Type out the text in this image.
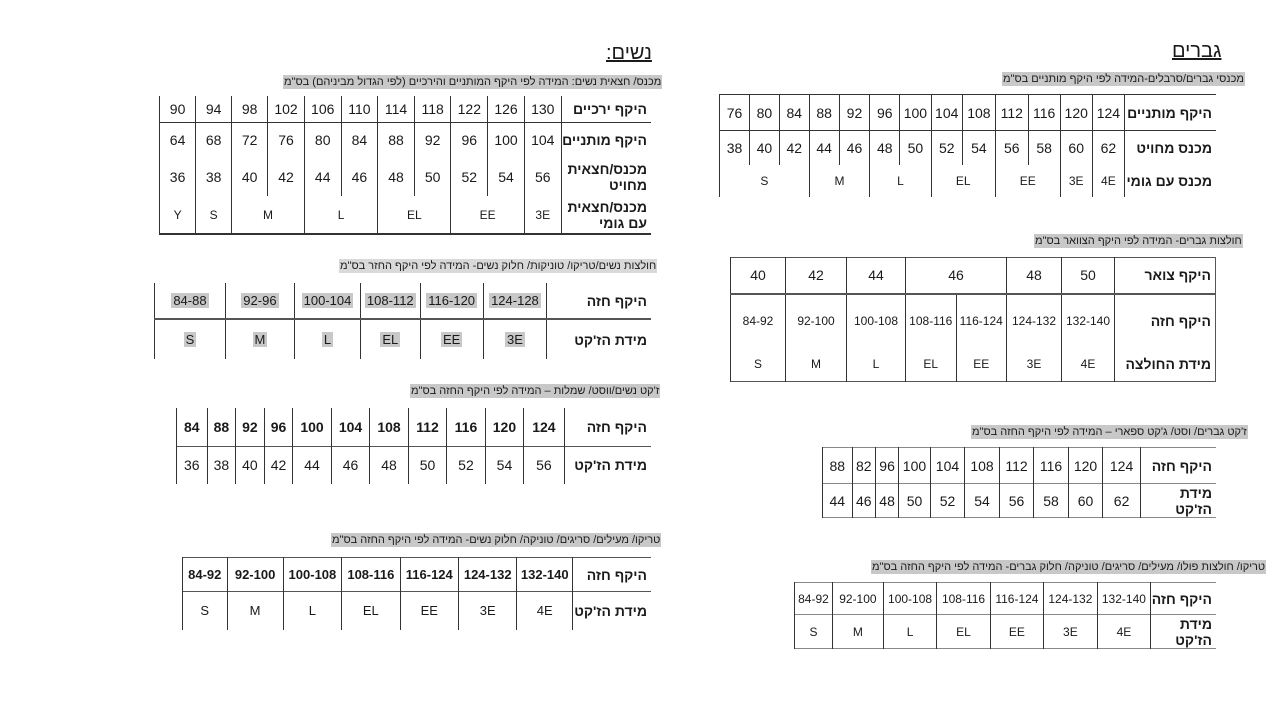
גברים
מכנסי גברים/סרבלים-המידה לפי היקף מותניים בס"מ
היקף מותניים	124	120	116	112	108	104	100	96	92	88	84	80	76
מכנס מחויט	62	60	58	56	54	52	50	48	46	44	42	40	38
מכנס עם גומי	4E	3E	EE		EL		L		M		S		
חולצות גברים- המידה לפי היקף הצוואר בס"מ
היקף צואר	50	48	46		44	42	40
היקף חזה	132-140	124-132	116-124	108-116	100-108	92-100	84-92
מידת החולצה	4E	3E	EE	EL	L	M	S
ז'קט גברים/ וסט/ ג'קט ספארי – המידה לפי היקף החזה בס"מ
היקף חזה	124	120	116	112	108	104	100	96	82	88
מידת הז'קט	62	60	58	56	54	52	50	48	46	44
טריקו/ חולצות פולו/ מעילים/ סריגים/ טוניקה/ חלוק גברים- המידה לפי היקף החזה בס"מ
היקף חזה	132-140	124-132	116-124	108-116	100-108	92-100	84-92
מידת הז'קט	4E	3E	EE	EL	L	M	S
נשים:
מכנס/ חצאית נשים: המידה לפי היקף המותניים והירכיים (לפי הגדול מביניהם) בס"מ
היקף ירכיים	130	126	122	118	114	110	106	102	98	94	90
היקף מותניים	104	100	96	92	88	84	80	76	72	68	64
מכנס/חצאית מחויט	56	54	52	50	48	46	44	42	40	38	36
מכנס/חצאית עם גומי	3E	EE		EL		L		M		S	Y
חולצות נשים/טריקו/ טוניקות/ חלוק נשים- המידה לפי היקף החזר בס"מ
היקף חזה	124-128	116-120	108-112	100-104	92-96	84-88
מידת הז'קט	3E	EE	EL	L	M	S
ז'קט נשים/ווסט/ שמלות – המידה לפי היקף החזה בס"מ
היקף חזה	124	120	116	112	108	104	100	96	92	88	84
מידת הז'קט	56	54	52	50	48	46	44	42	40	38	36
טריקו/ מעילים/ סריגים/ טוניקה/ חלוק נשים- המידה לפי היקף החזה בס"מ
היקף חזה	132-140	124-132	116-124	108-116	100-108	92-100	84-92
מידת הז'קט	4E	3E	EE	EL	L	M	S
